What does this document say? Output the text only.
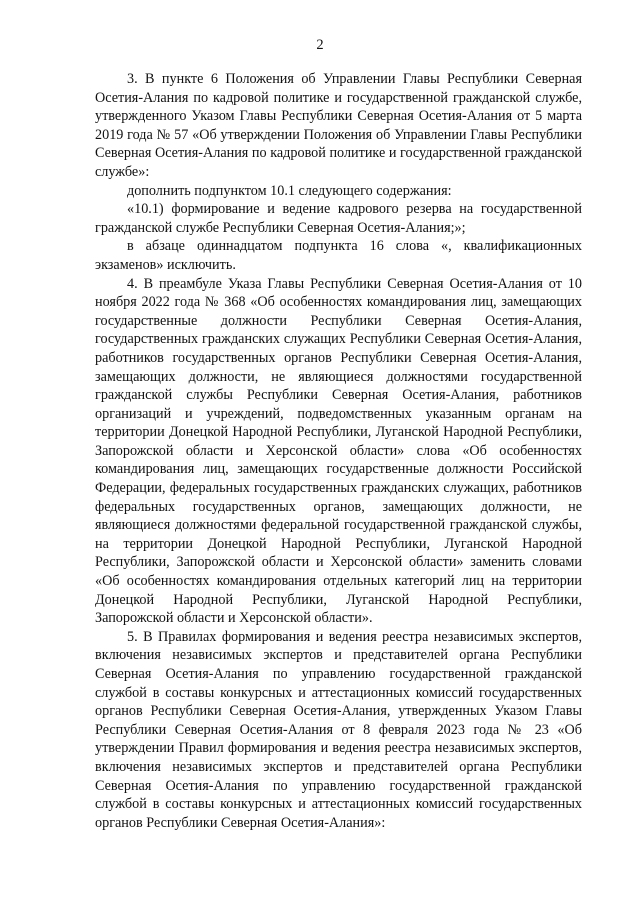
2

3. В пункте 6 Положения об Управлении Главы Республики Северная Осетия-Алания по кадровой политике и государственной гражданской службе, утвержденного Указом Главы Республики Северная Осетия-Алания от 5 марта 2019 года № 57 «Об утверждении Положения об Управлении Главы Республики Северная Осетия-Алания по кадровой политике и государственной гражданской службе»:

дополнить подпунктом 10.1 следующего содержания:

«10.1) формирование и ведение кадрового резерва на государственной гражданской службе Республики Северная Осетия-Алания;»;

в абзаце одиннадцатом подпункта 16 слова «, квалификационных экзаменов» исключить.

4. В преамбуле Указа Главы Республики Северная Осетия-Алания от 10 ноября 2022 года № 368 «Об особенностях командирования лиц, замещающих государственные должности Республики Северная Осетия-Алания, государственных гражданских служащих Республики Северная Осетия-Алания, работников государственных органов Республики Северная Осетия-Алания, замещающих должности, не являющиеся должностями государственной гражданской службы Республики Северная Осетия-Алания, работников организаций и учреждений, подведомственных указанным органам на территории Донецкой Народной Республики, Луганской Народной Республики, Запорожской области и Херсонской области» слова «Об особенностях командирования лиц, замещающих государственные должности Российской Федерации, федеральных государственных гражданских служащих, работников федеральных государственных органов, замещающих должности, не являющиеся должностями федеральной государственной гражданской службы, на территории Донецкой Народной Республики, Луганской Народной Республики, Запорожской области и Херсонской области» заменить словами «Об особенностях командирования отдельных категорий лиц на территории Донецкой Народной Республики, Луганской Народной Республики, Запорожской области и Херсонской области».

5. В Правилах формирования и ведения реестра независимых экспертов, включения независимых экспертов и представителей органа Республики Северная Осетия-Алания по управлению государственной гражданской службой в составы конкурсных и аттестационных комиссий государственных органов Республики Северная Осетия-Алания, утвержденных Указом Главы Республики Северная Осетия-Алания от 8 февраля 2023 года № 23 «Об утверждении Правил формирования и ведения реестра независимых экспертов, включения независимых экспертов и представителей органа Республики Северная Осетия-Алания по управлению государственной гражданской службой в составы конкурсных и аттестационных комиссий государственных органов Республики Северная Осетия-Алания»:
